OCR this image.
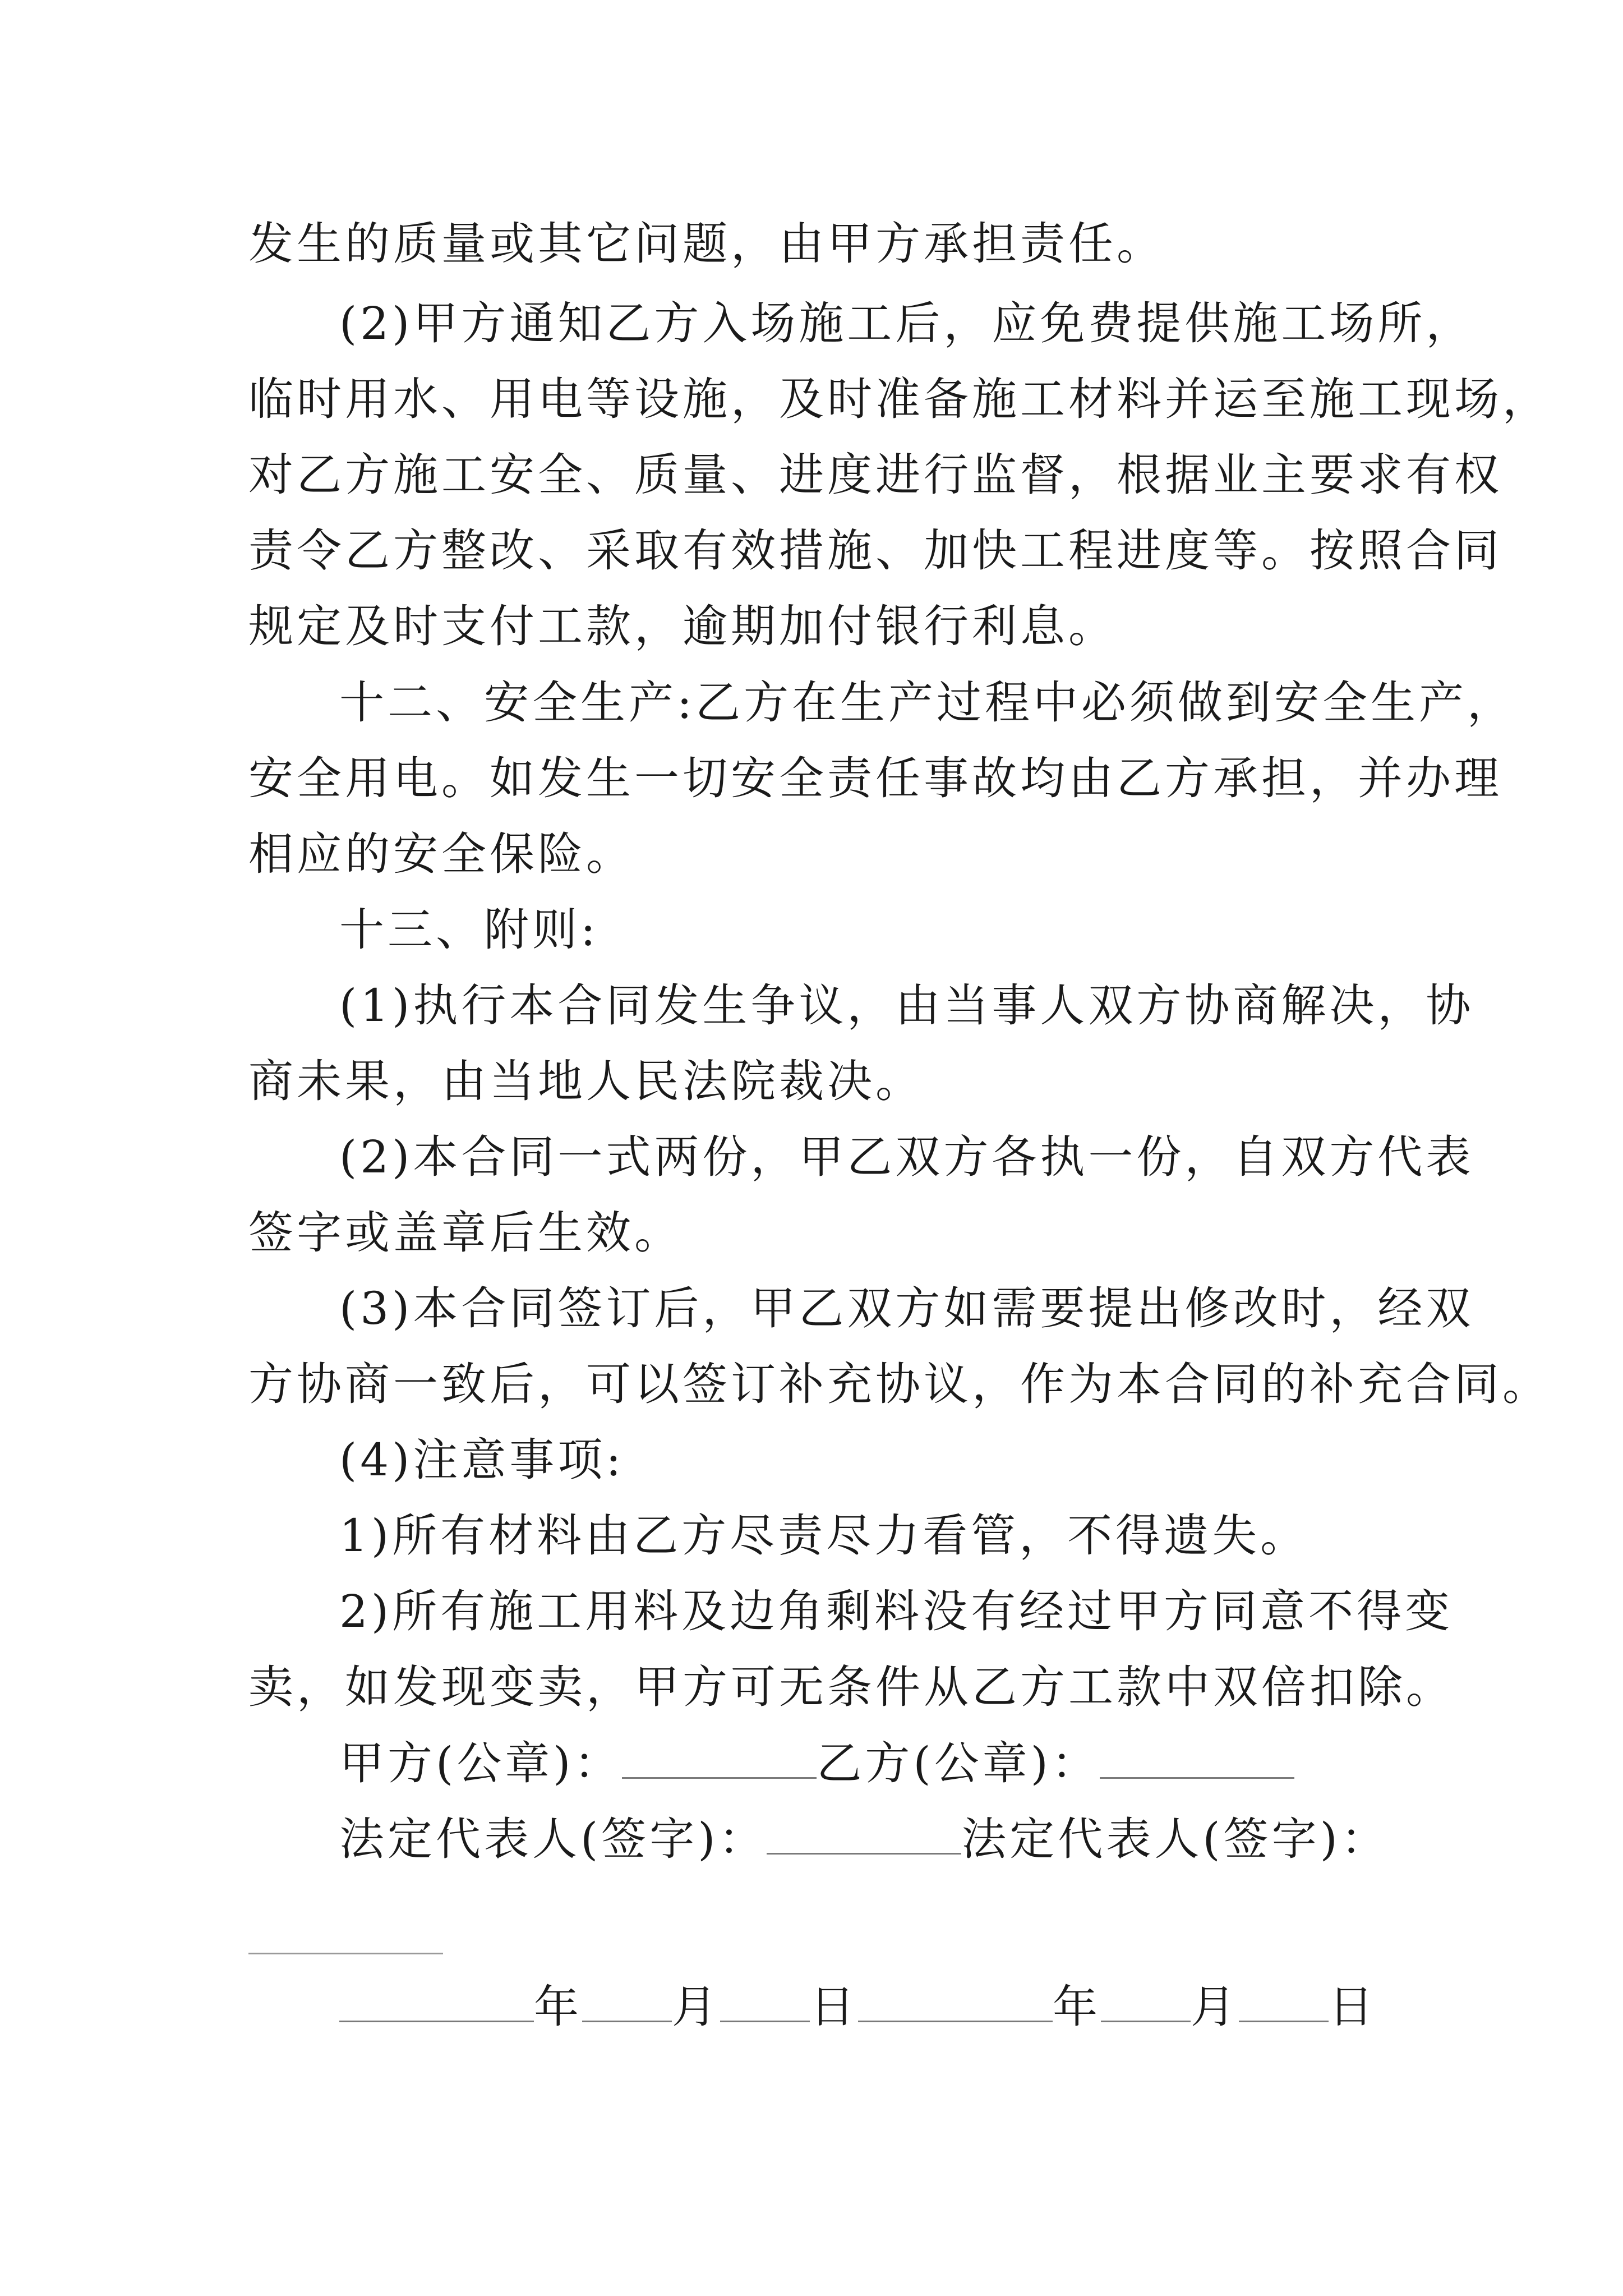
发生的质量或其它问题，由甲方承担责任。
(2)甲方通知乙方入场施工后，应免费提供施工场所，
临时用水、用电等设施，及时准备施工材料并运至施工现场，
对乙方施工安全、质量、进度进行监督，根据业主要求有权
责令乙方整改、采取有效措施、加快工程进度等。按照合同
规定及时支付工款，逾期加付银行利息。
十二、安全生产:乙方在生产过程中必须做到安全生产，
安全用电。如发生一切安全责任事故均由乙方承担，并办理
相应的安全保险。
十三、附则:
(1)执行本合同发生争议，由当事人双方协商解决，协
商未果，由当地人民法院裁决。
(2)本合同一式两份，甲乙双方各执一份，自双方代表
签字或盖章后生效。
(3)本合同签订后，甲乙双方如需要提出修改时，经双
方协商一致后，可以签订补充协议，作为本合同的补充合同。
(4)注意事项:
1)所有材料由乙方尽责尽力看管，不得遗失。
2)所有施工用料及边角剩料没有经过甲方同意不得变
卖，如发现变卖，甲方可无条件从乙方工款中双倍扣除。
甲方(公章)：	乙方(公章)：
法定代表人(签字)：	法定代表人(签字)：
年 月 日	年 月 日
